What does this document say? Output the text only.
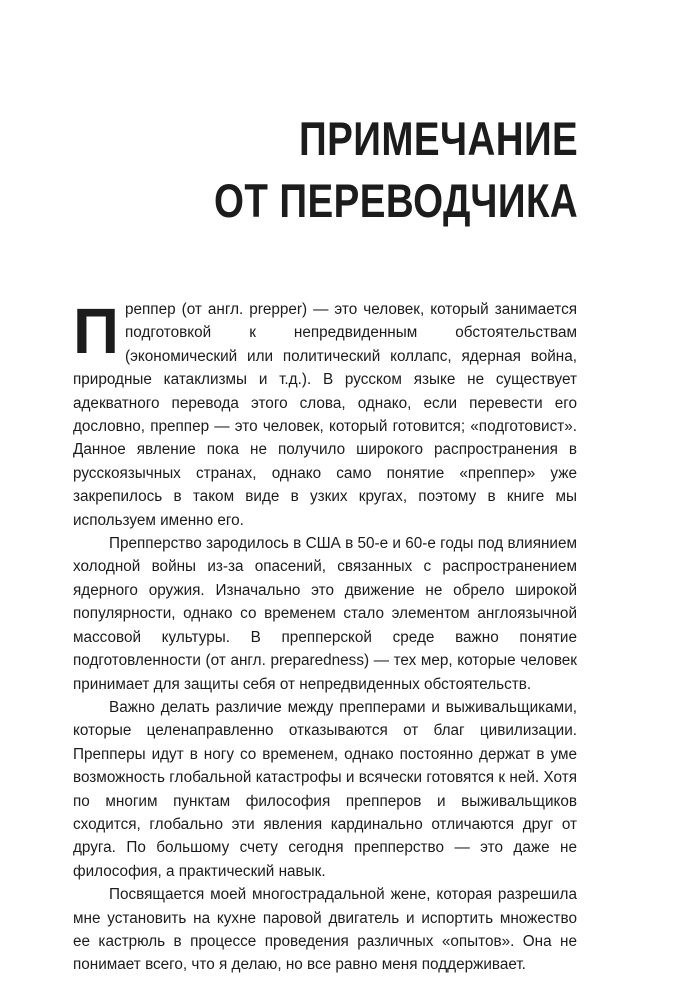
ПРИМЕЧАНИЕ
ОТ ПЕРЕВОДЧИКА

Преппер (от англ. prepper) — это человек, который занимается подготовкой к непредвиденным обстоятельствам (экономический или политический коллапс, ядерная война, природные катаклизмы и т.д.). В русском языке не существует адекватного перевода этого слова, однако, если перевести его дословно, преппер — это человек, который готовится; «подготовист». Данное явление пока не получило широкого распространения в русскоязычных странах, однако само понятие «преппер» уже закрепилось в таком виде в узких кругах, поэтому в книге мы используем именно его.

Препперство зародилось в США в 50-е и 60-е годы под влиянием холодной войны из-за опасений, связанных с распространением ядерного оружия. Изначально это движение не обрело широкой популярности, однако со временем стало элементом англоязычной массовой культуры. В препперской среде важно понятие подготовленности (от англ. preparedness) — тех мер, которые человек принимает для защиты себя от непредвиденных обстоятельств.

Важно делать различие между препперами и выживальщиками, которые целенаправленно отказываются от благ цивилизации. Препперы идут в ногу со временем, однако постоянно держат в уме возможность глобальной катастрофы и всячески готовятся к ней. Хотя по многим пунктам философия препперов и выживальщиков сходится, глобально эти явления кардинально отличаются друг от друга. По большому счету сегодня препперство — это даже не философия, а практический навык.

Посвящается моей многострадальной жене, которая разрешила мне установить на кухне паровой двигатель и испортить множество ее кастрюль в процессе проведения различных «опытов». Она не понимает всего, что я делаю, но все равно меня поддерживает.
